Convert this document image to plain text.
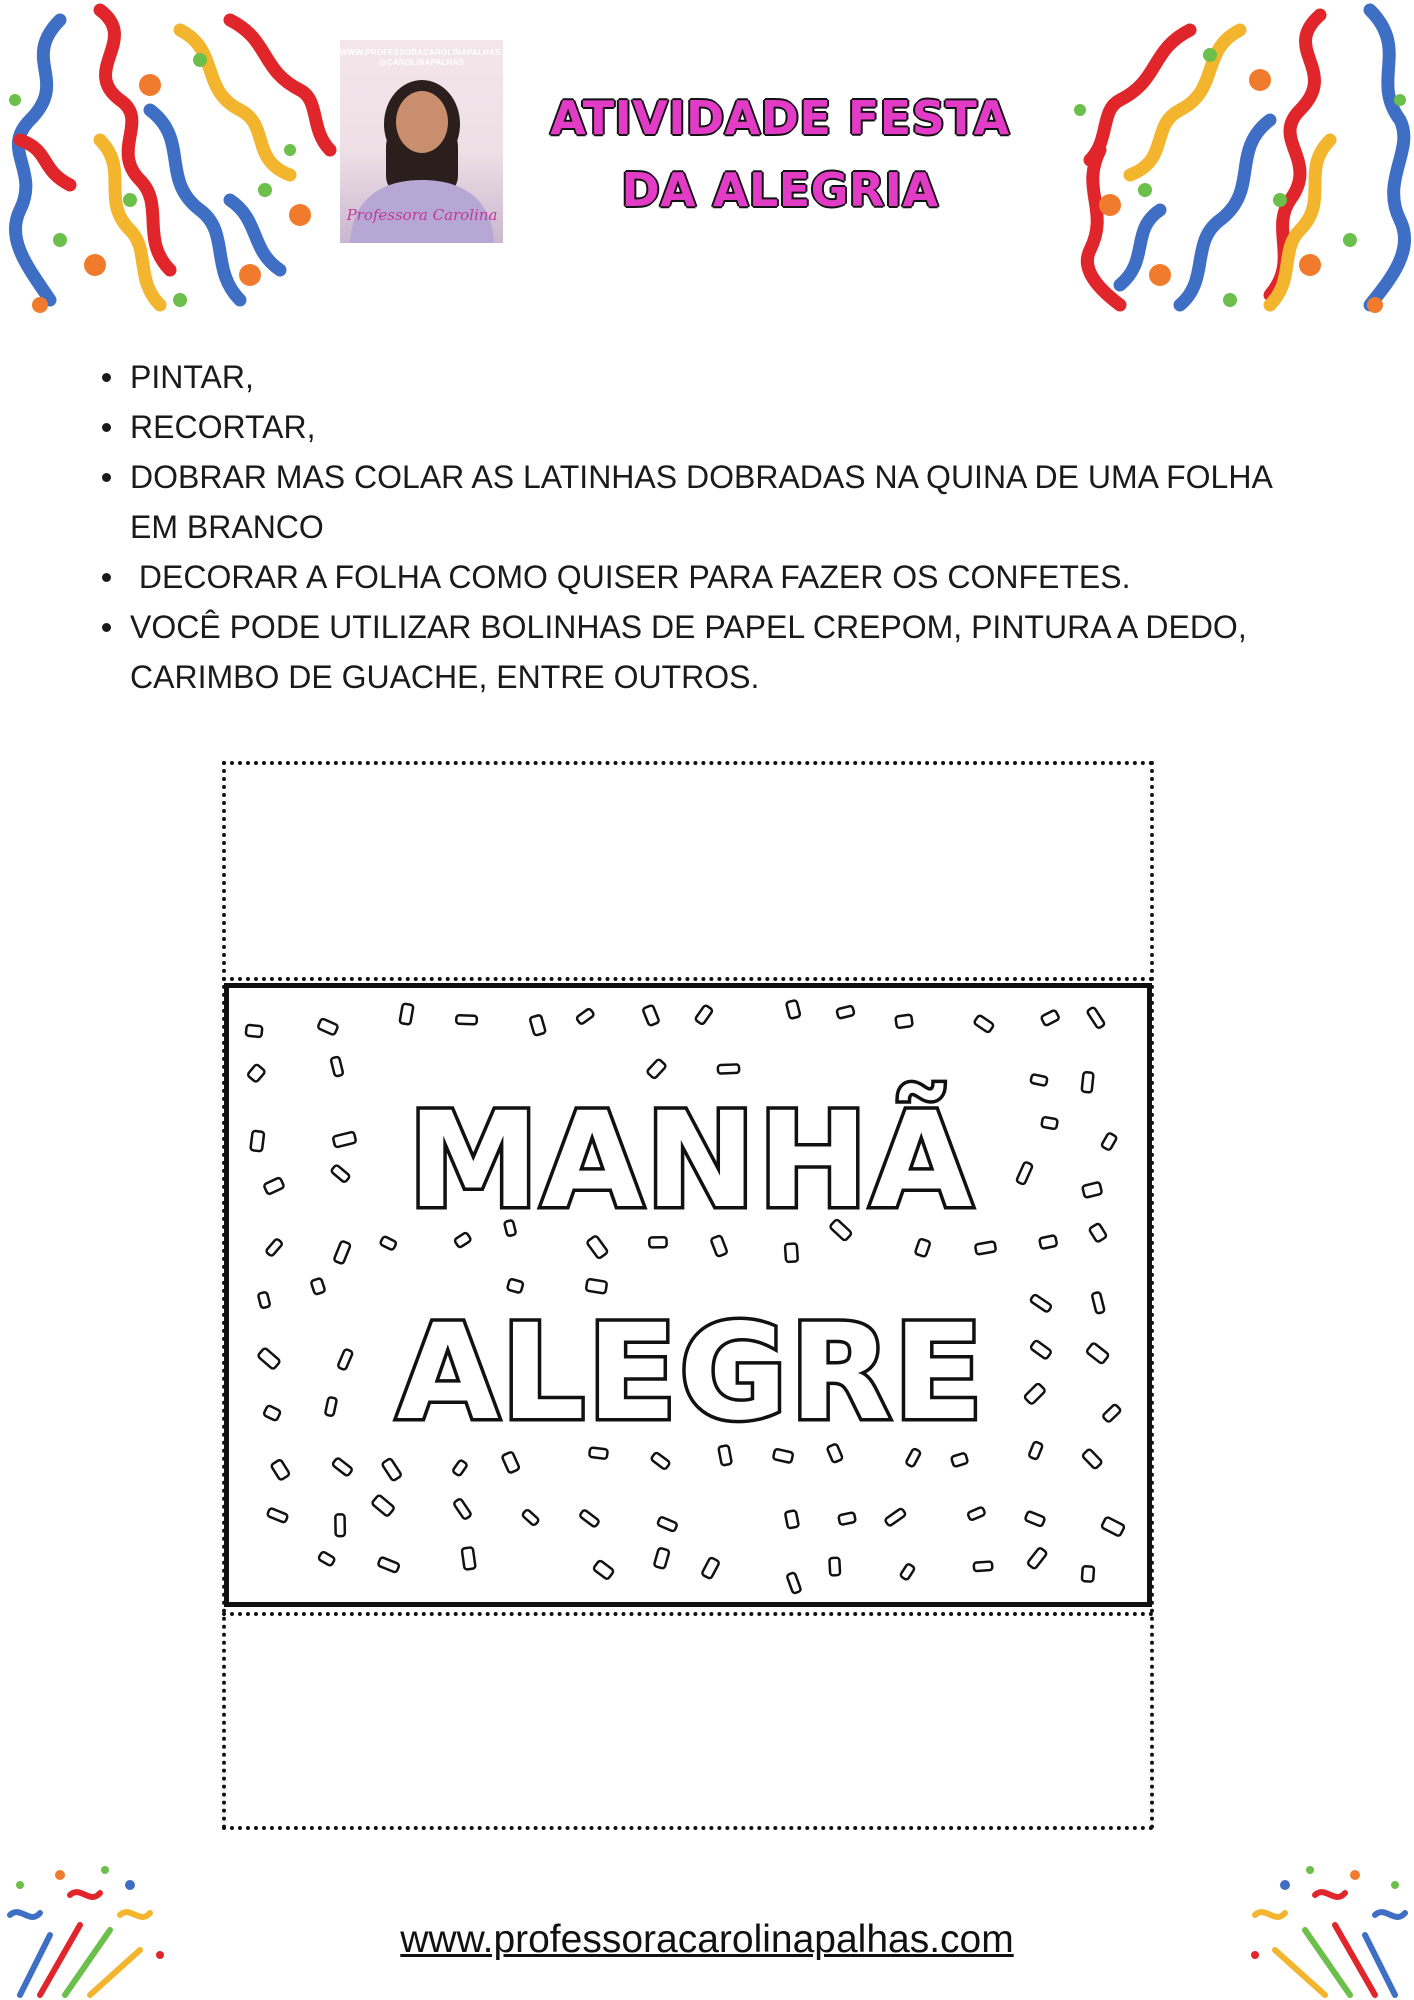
WWW.PROFESSORACAROLINAPALHAS.COM
@CAROLINAPALHAS
Professora Carolina
ATIVIDADE FESTA
DA ALEGRIA
PINTAR,
RECORTAR,
DOBRAR MAS COLAR AS LATINHAS DOBRADAS NA QUINA DE UMA FOLHA EM BRANCO
DECORAR A FOLHA COMO QUISER PARA FAZER OS CONFETES.
VOCÊ PODE UTILIZAR BOLINHAS DE PAPEL CREPOM, PINTURA A DEDO, CARIMBO DE GUACHE, ENTRE OUTROS.
MANHÃ
ALEGRE
www.professoracarolinapalhas.com
